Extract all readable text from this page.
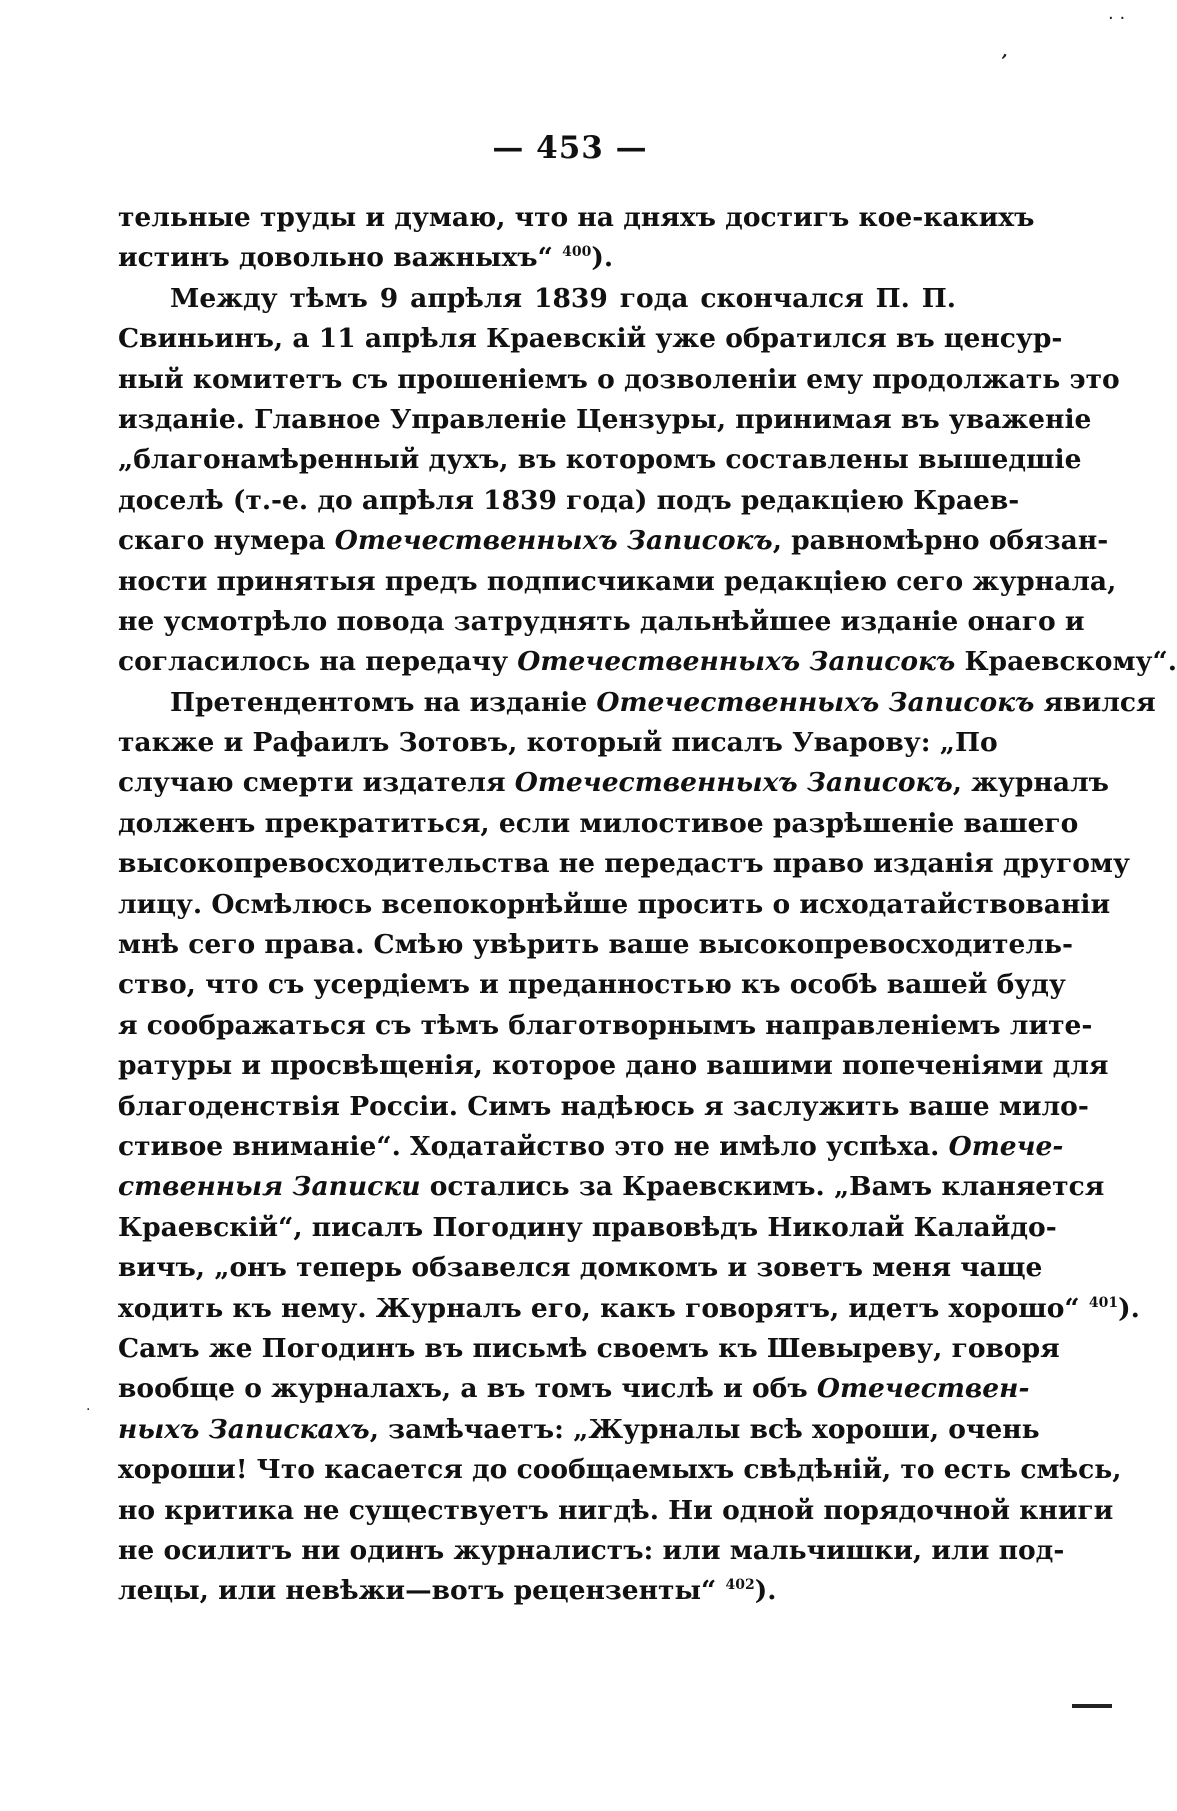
· ·
,
— 453 —
тельные труды и думаю, что на дняхъ достигъ кое-какихъ
истинъ довольно важныхъ“ $^{400}$).
Между тѣмъ 9 апрѣля 1839 года скончался П. П.
Свиньинъ, а 11 апрѣля Краевскій уже обратился въ ценсур-
ный комитетъ съ прошеніемъ о дозволеніи ему продолжать это
изданіе. Главное Управленіе Цензуры, принимая въ уваженіе
„благонамѣренный духъ, въ которомъ составлены вышедшіе
доселѣ (т.-е. до апрѣля 1839 года) подъ редакціею Краев-
скаго нумера Отечественныхъ Записокъ, равномѣрно обязан-
ности принятыя предъ подписчиками редакціею сего журнала,
не усмотрѣло повода затруднять дальнѣйшее изданіе онаго и
согласилось на передачу Отечественныхъ Записокъ Краевскому“.
Претендентомъ на изданіе Отечественныхъ Записокъ явился
также и Рафаилъ Зотовъ, который писалъ Уварову: „По
случаю смерти издателя Отечественныхъ Записокъ, журналъ
долженъ прекратиться, если милостивое разрѣшеніе вашего
высокопревосходительства не передастъ право изданія другому
лицу. Осмѣлюсь всепокорнѣйше просить о исходатайствованіи
мнѣ сего права. Смѣю увѣрить ваше высокопревосходитель-
ство, что съ усердіемъ и преданностью къ особѣ вашей буду
я соображаться съ тѣмъ благотворнымъ направленіемъ лите-
ратуры и просвѣщенія, которое дано вашими попеченіями для
благоденствія Россіи. Симъ надѣюсь я заслужить ваше мило-
стивое вниманіе“. Ходатайство это не имѣло успѣха. Отече-
ственныя Записки остались за Краевскимъ. „Вамъ кланяется
Краевскій“, писалъ Погодину правовѣдъ Николай Калайдо-
вичъ, „онъ теперь обзавелся домкомъ и зоветъ меня чаще
ходить къ нему. Журналъ его, какъ говорятъ, идетъ хорошо“ $^{401}$).
Самъ же Погодинъ въ письмѣ своемъ къ Шевыреву, говоря
вообще о журналахъ, а въ томъ числѣ и объ Отечествен-
ныхъ Запискахъ, замѣчаетъ: „Журналы всѣ хороши, очень
хороши! Что касается до сообщаемыхъ свѣдѣній, то есть смѣсь,
но критика не существуетъ нигдѣ. Ни одной порядочной книги
не осилитъ ни одинъ журналистъ: или мальчишки, или под-
лецы, или невѣжи—вотъ рецензенты“ $^{402}$).
·
